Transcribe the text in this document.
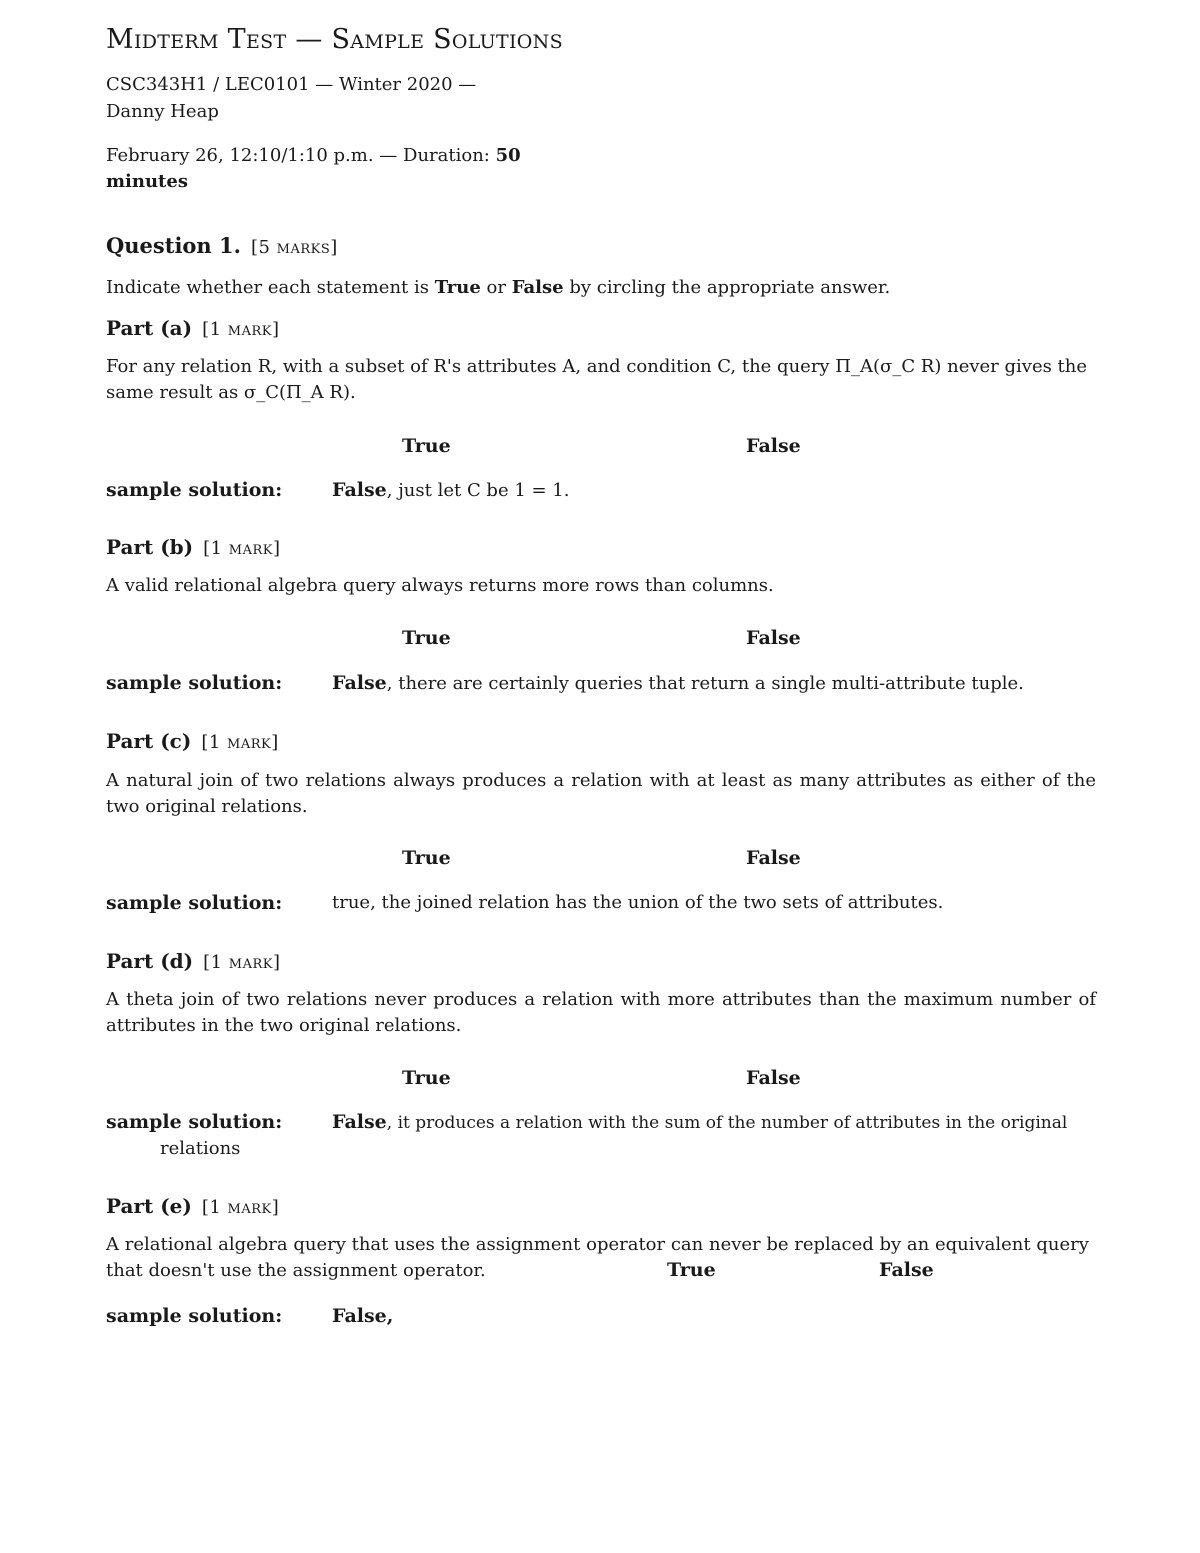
Midterm Test — Sample Solutions
CSC343H1 / LEC0101 — Winter 2020 —
Danny Heap
February 26, 12:10/1:10 p.m. — Duration: 50
minutes
Question 1. [5 marks]
Indicate whether each statement is True or False by circling the appropriate answer.
Part (a) [1 mark]
For any relation R, with a subset of R's attributes A, and condition C, the query Π_A(σ_C R) never gives the
same result as σ_C(Π_A R).
True	False
sample solution:	False, just let C be 1 = 1.
Part (b) [1 mark]
A valid relational algebra query always returns more rows than columns.
True	False
sample solution:	False, there are certainly queries that return a single multi-attribute tuple.
Part (c) [1 mark]
A natural join of two relations always produces a relation with at least as many attributes as either of the two original relations.
True	False
sample solution:	true, the joined relation has the union of the two sets of attributes.
Part (d) [1 mark]
A theta join of two relations never produces a relation with more attributes than the maximum number of attributes in the two original relations.
True	False
sample solution:	False, it produces a relation with the sum of the number of attributes in the original
relations
Part (e) [1 mark]
A relational algebra query that uses the assignment operator can never be replaced by an equivalent query
that doesn't use the assignment operator.	True	False
sample solution:	False,
